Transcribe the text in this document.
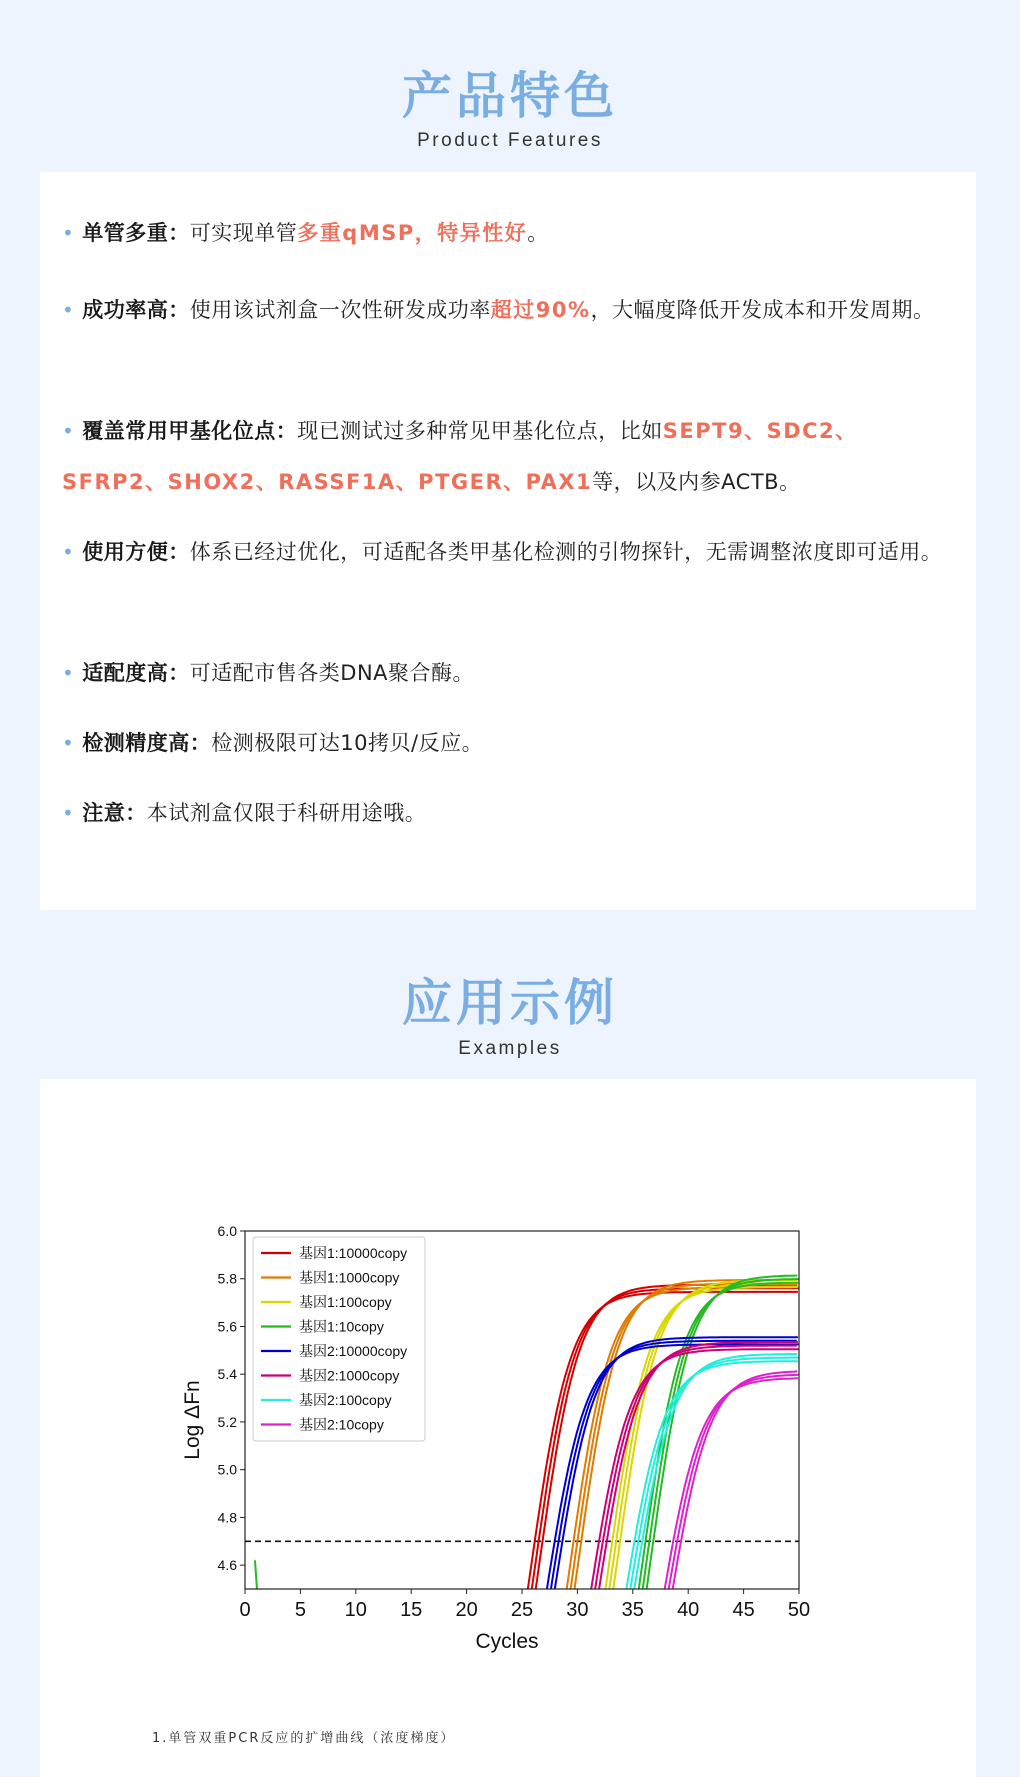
产品特色
Product Features
• 单管多重：可实现单管多重qMSP，特异性好。
• 成功率高：使用该试剂盒一次性研发成功率超过90%，大幅度降低开发成本和开发周期。
• 覆盖常用甲基化位点：现已测试过多种常见甲基化位点，比如SEPT9、SDC2、SFRP2、SHOX2、RASSF1A、PTGER、PAX1等，以及内参ACTB。
• 使用方便：体系已经过优化，可适配各类甲基化检测的引物探针，无需调整浓度即可适用。
• 适配度高：可适配市售各类DNA聚合酶。
• 检测精度高：检测极限可达10拷贝/反应。
• 注意：本试剂盒仅限于科研用途哦。
应用示例
Examples
4.6
4.8
5.0
5.2
5.4
5.6
5.8
6.0
0 5 10 15 20 25 30 35 40 45 50
Cycles
Log ΔFn
基因1:10000copy
基因1:1000copy
基因1:100copy
基因1:10copy
基因2:10000copy
基因2:1000copy
基因2:100copy
基因2:10copy
1.单管双重PCR反应的扩增曲线（浓度梯度）
